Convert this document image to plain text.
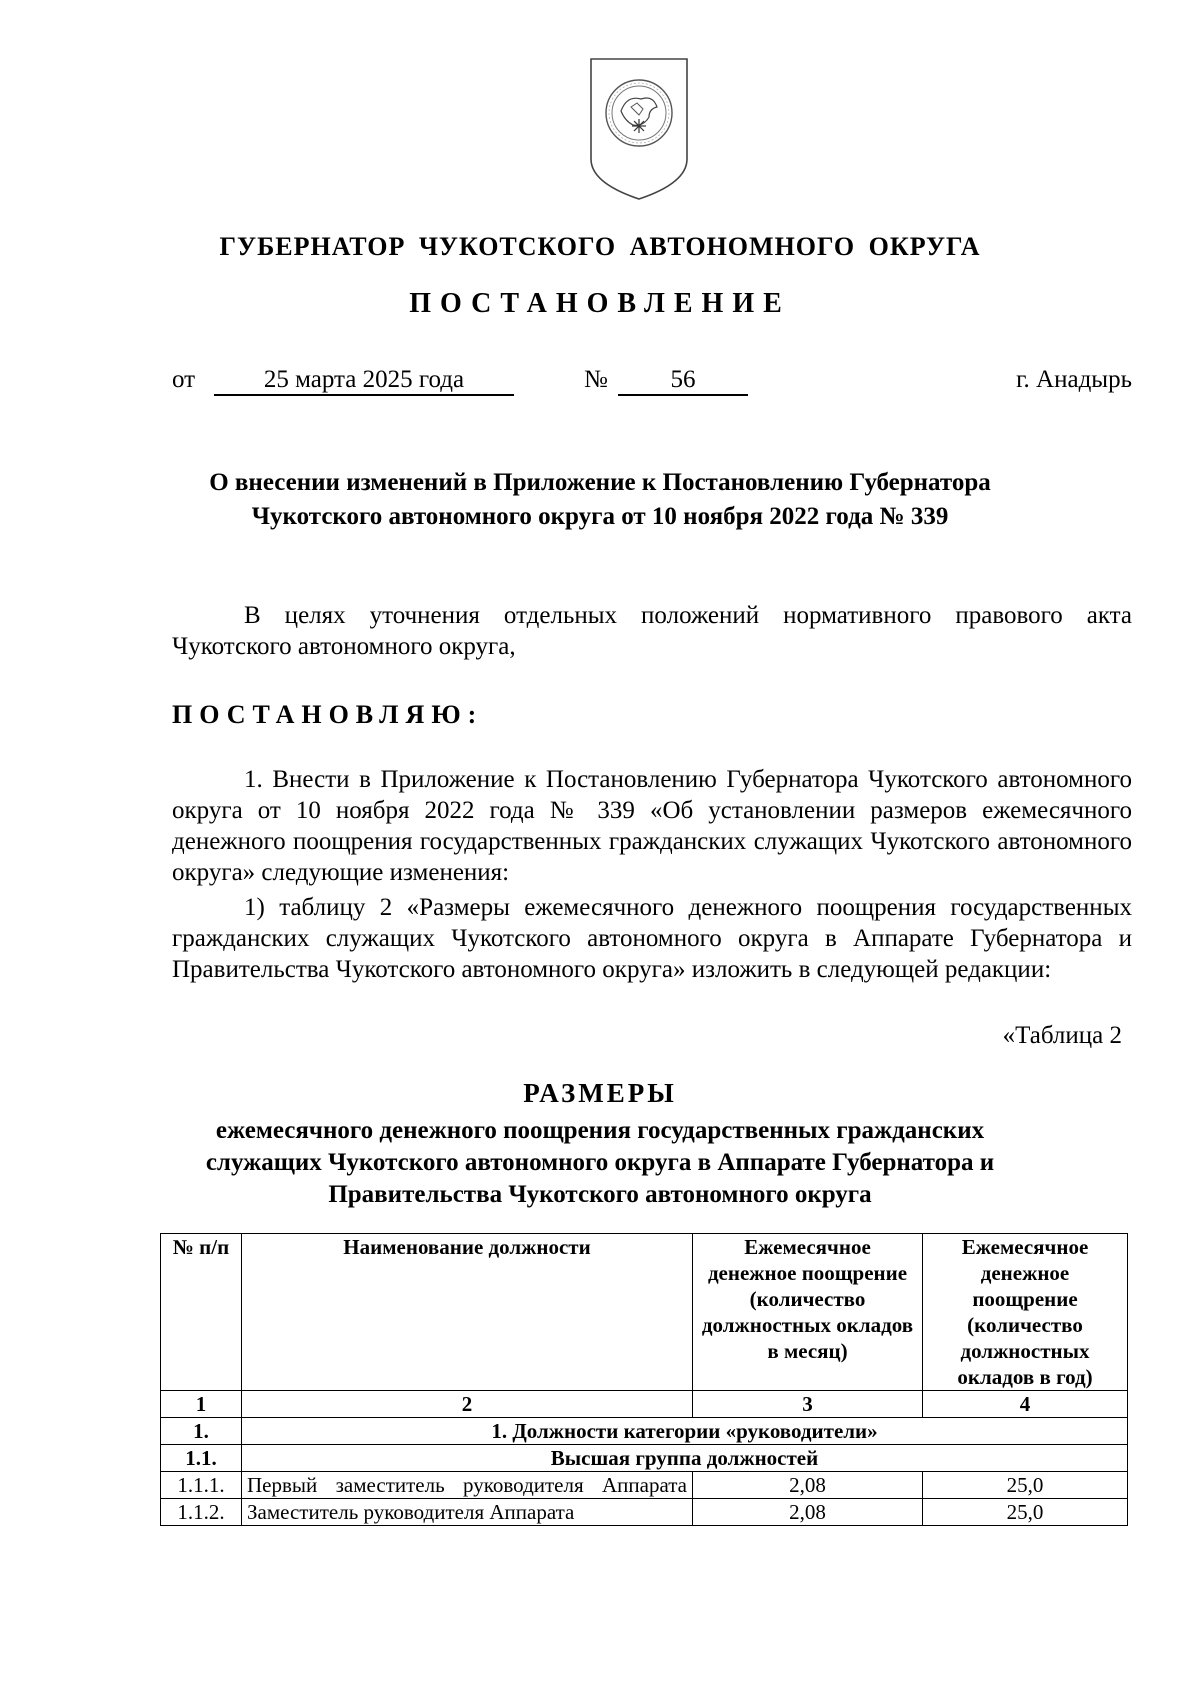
ГУБЕРНАТОР ЧУКОТСКОГО АВТОНОМНОГО ОКРУГА
ПОСТАНОВЛЕНИЕ
от	25 марта 2025 года	№	56	г. Анадырь
О внесении изменений в Приложение к Постановлению Губернатора
Чукотского автономного округа от 10 ноября 2022 года № 339

В целях уточнения отдельных положений нормативного правового акта Чукотского автономного округа,

ПОСТАНОВЛЯЮ:

1. Внести в Приложение к Постановлению Губернатора Чукотского автономного округа от 10 ноября 2022 года № 339 «Об установлении размеров ежемесячного денежного поощрения государственных гражданских служащих Чукотского автономного округа» следующие изменения:

1) таблицу 2 «Размеры ежемесячного денежного поощрения государственных гражданских служащих Чукотского автономного округа в Аппарате Губернатора и Правительства Чукотского автономного округа» изложить в следующей редакции:

«Таблица 2
РАЗМЕРЫ
ежемесячного денежного поощрения государственных гражданских
служащих Чукотского автономного округа в Аппарате Губернатора и
Правительства Чукотского автономного округа
№ п/п	Наименование должности	Ежемесячное денежное поощрение (количество должностных окладов в месяц)	Ежемесячное денежное поощрение (количество должностных окладов в год)
1	2	3	4
1.	1. Должности категории «руководители»		
1.1.	Высшая группа должностей		
1.1.1.	Первый заместитель руководителя Аппарата	2,08	25,0
1.1.2.	Заместитель руководителя Аппарата	2,08	25,0
